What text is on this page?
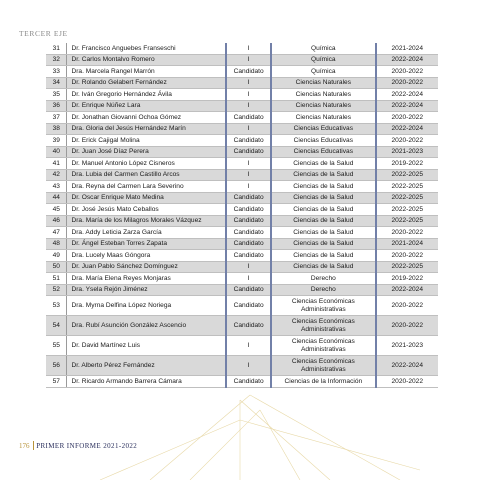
TERCER EJE
31	Dr. Francisco Anguebes Franseschi	I	Química	2021-2024
32	Dr. Carlos Montalvo Romero	I	Química	2022-2024
33	Dra. Marcela Rangel Marrón	Candidato	Química	2020-2022
34	Dr. Rolando Gelabert Fernández	I	Ciencias Naturales	2020-2022
35	Dr. Iván Gregorio Hernández Ávila	I	Ciencias Naturales	2022-2024
36	Dr. Enrique Núñez Lara	I	Ciencias Naturales	2022-2024
37	Dr. Jonathan Giovanni Ochoa Gómez	Candidato	Ciencias Naturales	2020-2022
38	Dra. Gloria del Jesús Hernández Marín	I	Ciencias Educativas	2022-2024
39	Dr. Erick Cajigal Molina	Candidato	Ciencias Educativas	2020-2022
40	Dr. Juan José Díaz Perera	Candidato	Ciencias Educativas	2021-2023
41	Dr. Manuel Antonio López Cisneros	I	Ciencias de la Salud	2019-2022
42	Dra. Lubia del Carmen Castillo Arcos	I	Ciencias de la Salud	2022-2025
43	Dra. Reyna del Carmen Lara Severino	I	Ciencias de la Salud	2022-2025
44	Dr. Oscar Enrique Mato Medina	Candidato	Ciencias de la Salud	2022-2025
45	Dr. José Jesús Mato Ceballos	Candidato	Ciencias de la Salud	2022-2025
46	Dra. María de los Milagros Morales Vázquez	Candidato	Ciencias de la Salud	2022-2025
47	Dra. Addy Leticia Zarza García	Candidato	Ciencias de la Salud	2020-2022
48	Dr. Ángel Esteban Torres Zapata	Candidato	Ciencias de la Salud	2021-2024
49	Dra. Lucely Maas Góngora	Candidato	Ciencias de la Salud	2020-2022
50	Dr. Juan Pablo Sánchez Domínguez	I	Ciencias de la Salud	2022-2025
51	Dra. María Elena Reyes Monjaras	I	Derecho	2019-2022
52	Dra. Ysela Rejón Jiménez	Candidato	Derecho	2022-2024
53	Dra. Myrna Delfina López Noriega	Candidato	Ciencias Económicas
Administrativas	2020-2022
54	Dra. Rubí Asunción González Ascencio	Candidato	Ciencias Económicas
Administrativas	2020-2022
55	Dr. David Martínez Luis	I	Ciencias Económicas
Administrativas	2021-2023
56	Dr. Alberto Pérez Fernández	I	Ciencias Económicas
Administrativas	2022-2024
57	Dr. Ricardo Armando Barrera Cámara	Candidato	Ciencias de la Información	2020-2022
176 PRIMER INFORME 2021-2022
